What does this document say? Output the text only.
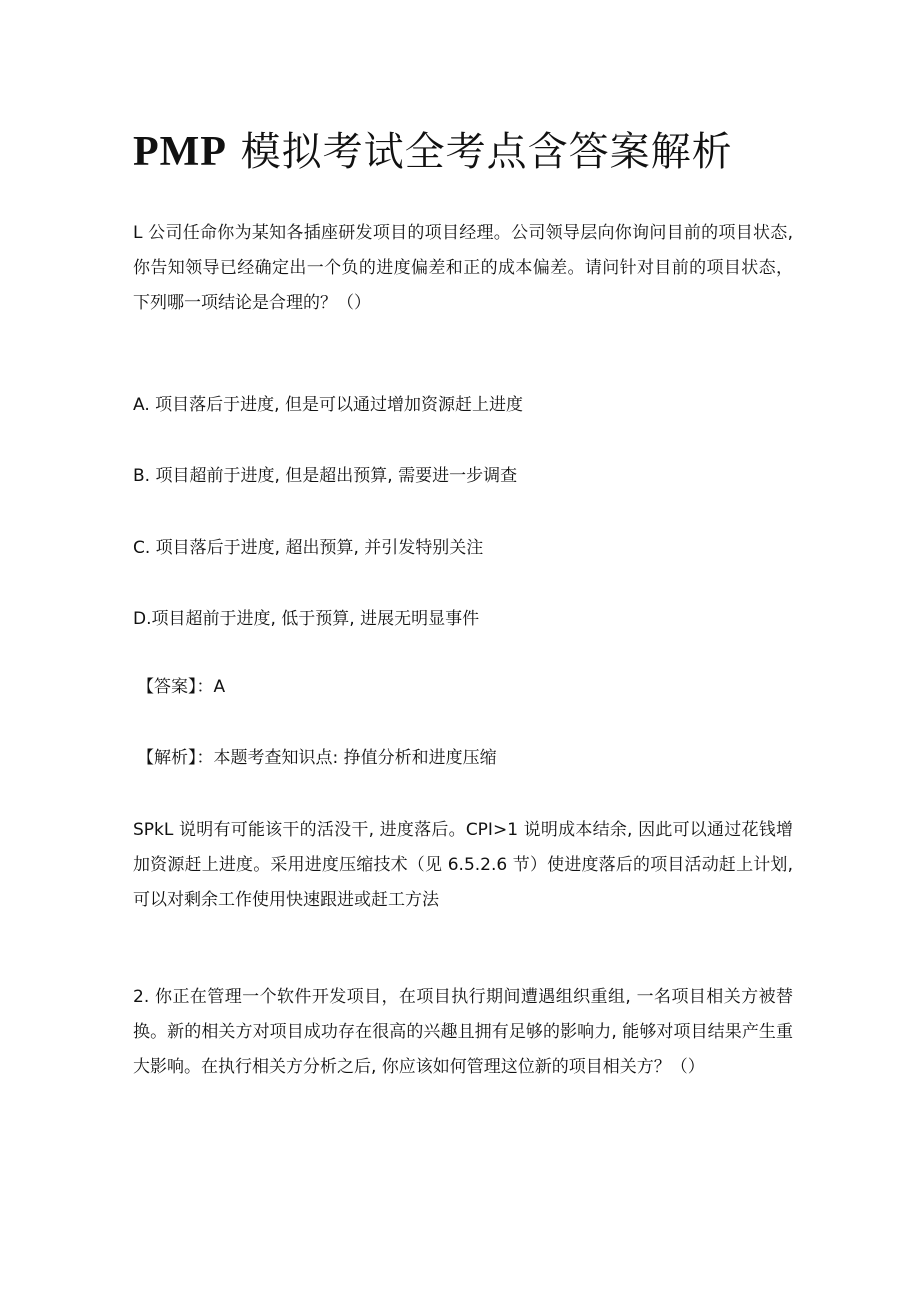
PMP 模拟考试全考点含答案解析

L 公司任命你为某知各插座研发项目的项目经理。公司领导层向你询问目前的项目状态, 你告知领导已经确定出一个负的进度偏差和正的成本偏差。请问针对目前的项目状态，下列哪一项结论是合理的？（）

A. 项目落后于进度, 但是可以通过增加资源赶上进度

B. 项目超前于进度, 但是超出预算, 需要进一步调查

C. 项目落后于进度, 超出预算, 并引发特别关注

D.项目超前于进度, 低于预算, 进展无明显事件

【答案】：A

【解析】：本题考查知识点: 挣值分析和进度压缩

SPkL 说明有可能该干的活没干, 进度落后。CPI>1 说明成本结余, 因此可以通过花钱增加资源赶上进度。采用进度压缩技术（见 6.5.2.6 节）使进度落后的项目活动赶上计划, 可以对剩余工作使用快速跟进或赶工方法

2. 你正在管理一个软件开发项目，在项目执行期间遭遇组织重组, 一名项目相关方被替换。新的相关方对项目成功存在很高的兴趣且拥有足够的影响力, 能够对项目结果产生重大影响。在执行相关方分析之后, 你应该如何管理这位新的项目相关方？（）
